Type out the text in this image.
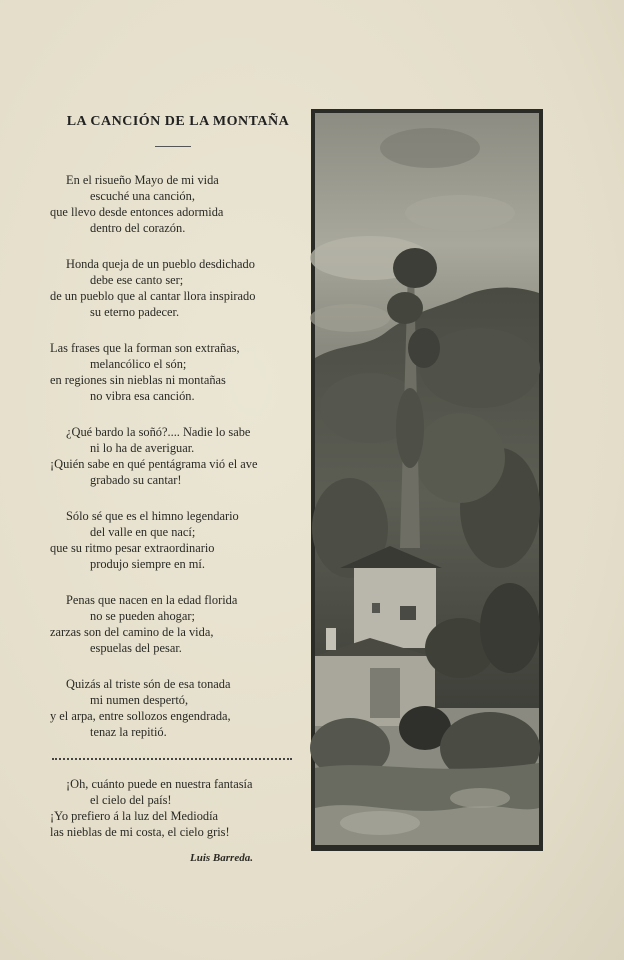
LA CANCIÓN DE LA MONTAÑA
En el risueño Mayo de mi vida
escuché una canción,
que llevo desde entonces adormida
dentro del corazón.
Honda queja de un pueblo desdichado
debe ese canto ser;
de un pueblo que al cantar llora inspirado
su eterno padecer.
Las frases que la forman son extrañas,
melancólico el són;
en regiones sin nieblas ni montañas
no vibra esa canción.
¿Qué bardo la soñó?.... Nadie lo sabe
ni lo ha de averiguar.
¡Quién sabe en qué pentágrama vió el ave
grabado su cantar!
Sólo sé que es el himno legendario
del valle en que nací;
que su ritmo pesar extraordinario
produjo siempre en mí.
Penas que nacen en la edad florida
no se pueden ahogar;
zarzas son del camino de la vida,
espuelas del pesar.
Quizás al triste són de esa tonada
mi numen despertó,
y el arpa, entre sollozos engendrada,
tenaz la repitió.
¡Oh, cuánto puede en nuestra fantasía
el cielo del país!
¡Yo prefiero á la luz del Mediodía
las nieblas de mi costa, el cielo gris!
Luis Barreda.
